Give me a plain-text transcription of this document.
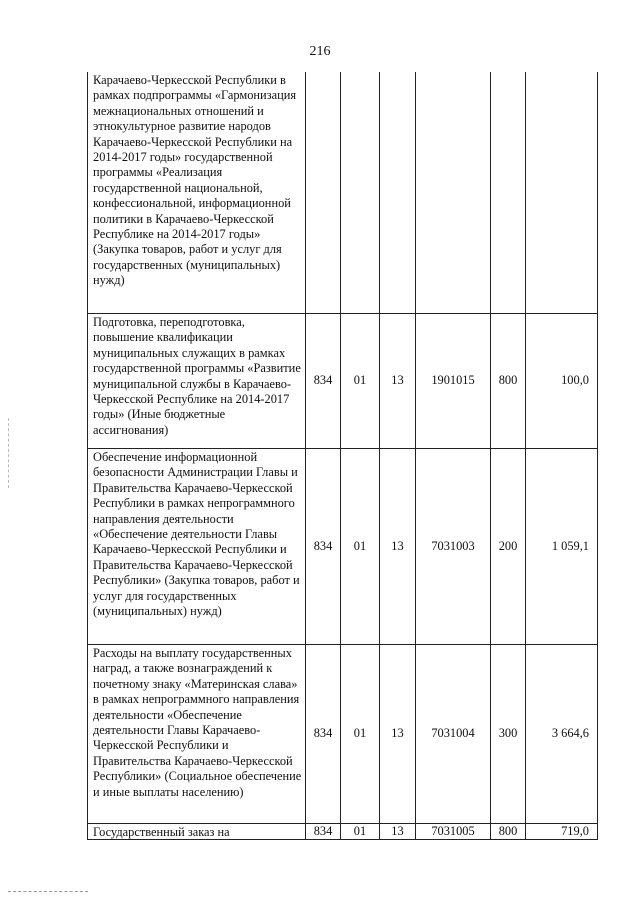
216
Карачаево-Черкесской Республики в рамках подпрограммы «Гармонизация межнациональных отношений и этнокультурное развитие народов Карачаево-Черкесской Республики на 2014-2017 годы» государственной программы «Реализация государственной национальной, конфессиональной, информационной политики в Карачаево-Черкесской Республике на 2014-2017 годы» (Закупка товаров, работ и услуг для государственных (муниципальных) нужд)						
Подготовка, переподготовка, повышение квалификации муниципальных служащих в рамках государственной программы «Развитие муниципальной службы в Карачаево-Черкесской Республике на 2014-2017 годы» (Иные бюджетные ассигнования)	834	01	13	1901015	800	100,0
Обеспечение информационной безопасности Администрации Главы и Правительства Карачаево-Черкесской Республики в рамках непрограммного направления деятельности «Обеспечение деятельности Главы Карачаево-Черкесской Республики и Правительства Карачаево-Черкесской Республики» (Закупка товаров, работ и услуг для государственных (муниципальных) нужд)	834	01	13	7031003	200	1 059,1
Расходы на выплату государственных наград, а также вознаграждений к почетному знаку «Материнская слава» в рамках непрограммного направления деятельности «Обеспечение деятельности Главы Карачаево-Черкесской Республики и Правительства Карачаево-Черкесской Республики» (Социальное обеспечение и иные выплаты населению)	834	01	13	7031004	300	3 664,6
Государственный заказ на	834	01	13	7031005	800	719,0
